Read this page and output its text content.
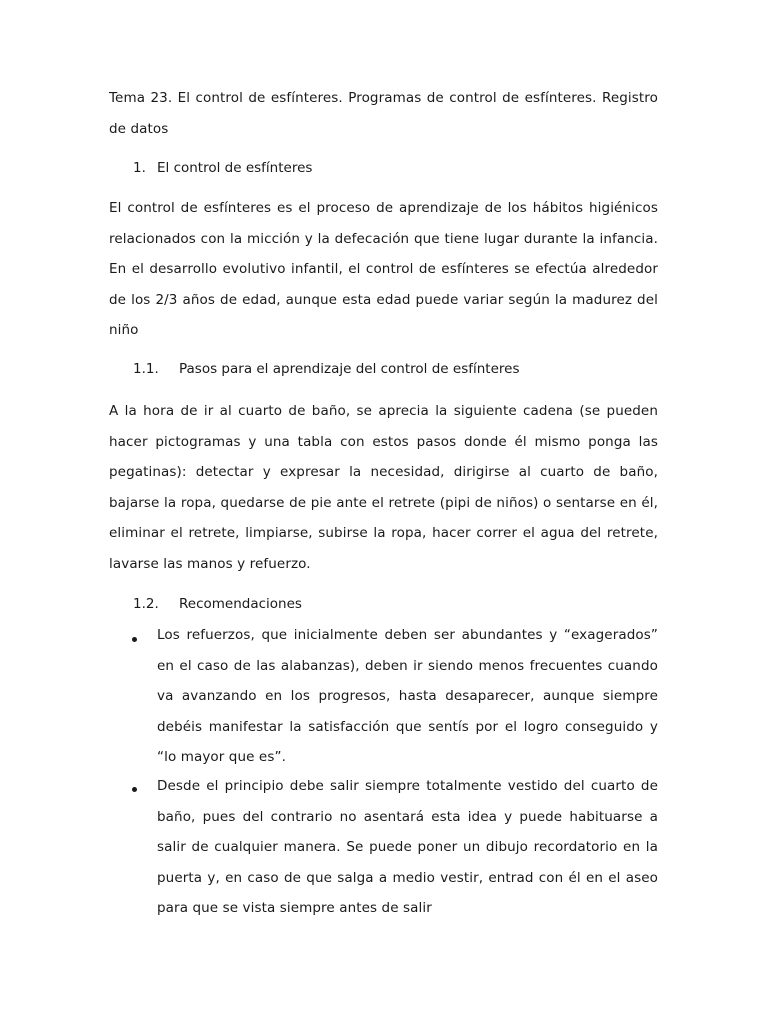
Tema 23. El control de esfínteres. Programas de control de esfínteres. Registro de datos

1. El control de esfínteres

El control de esfínteres es el proceso de aprendizaje de los hábitos higiénicos relacionados con la micción y la defecación que tiene lugar durante la infancia. En el desarrollo evolutivo infantil, el control de esfínteres se efectúa alrededor de los 2/3 años de edad, aunque esta edad puede variar según la madurez del niño

1.1. Pasos para el aprendizaje del control de esfínteres

A la hora de ir al cuarto de baño, se aprecia la siguiente cadena (se pueden hacer pictogramas y una tabla con estos pasos donde él mismo ponga las pegatinas): detectar y expresar la necesidad, dirigirse al cuarto de baño, bajarse la ropa, quedarse de pie ante el retrete (pipi de niños) o sentarse en él, eliminar el retrete, limpiarse, subirse la ropa, hacer correr el agua del retrete, lavarse las manos y refuerzo.

1.2. Recomendaciones

Los refuerzos, que inicialmente deben ser abundantes y “exagerados” en el caso de las alabanzas), deben ir siendo menos frecuentes cuando va avanzando en los progresos, hasta desaparecer, aunque siempre debéis manifestar la satisfacción que sentís por el logro conseguido y “lo mayor que es”.

Desde el principio debe salir siempre totalmente vestido del cuarto de baño, pues del contrario no asentará esta idea y puede habituarse a salir de cualquier manera. Se puede poner un dibujo recordatorio en la puerta y, en caso de que salga a medio vestir, entrad con él en el aseo para que se vista siempre antes de salir
